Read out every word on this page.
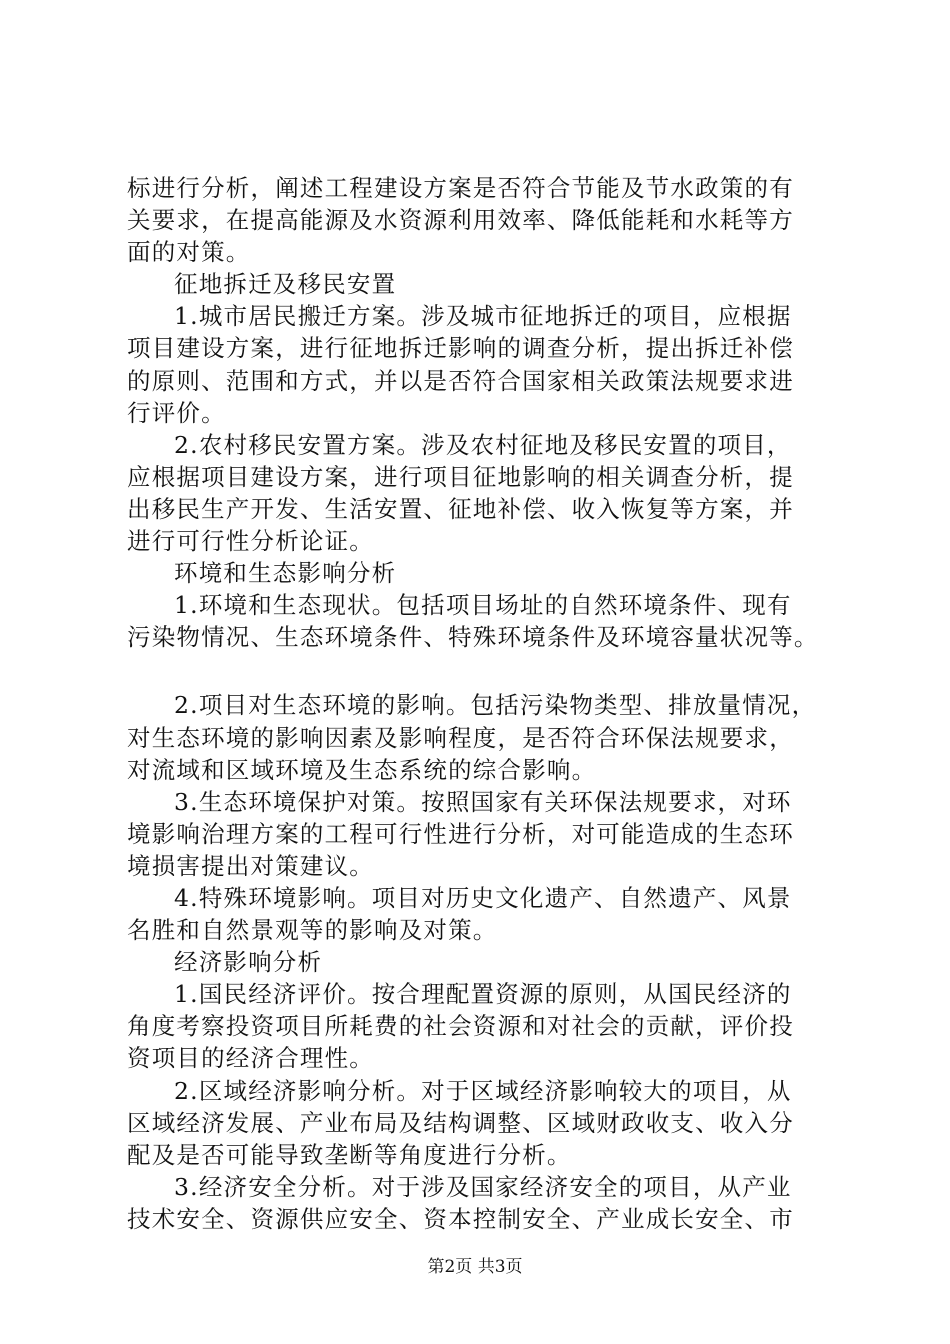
标进行分析，阐述工程建设方案是否符合节能及节水政策的有
关要求，在提高能源及水资源利用效率、降低能耗和水耗等方
面的对策。
征地拆迁及移民安置
1.城市居民搬迁方案。涉及城市征地拆迁的项目，应根据
项目建设方案，进行征地拆迁影响的调查分析，提出拆迁补偿
的原则、范围和方式，并以是否符合国家相关政策法规要求进
行评价。
2.农村移民安置方案。涉及农村征地及移民安置的项目，
应根据项目建设方案，进行项目征地影响的相关调查分析，提
出移民生产开发、生活安置、征地补偿、收入恢复等方案，并
进行可行性分析论证。
环境和生态影响分析
1.环境和生态现状。包括项目场址的自然环境条件、现有
污染物情况、生态环境条件、特殊环境条件及环境容量状况等。
2.项目对生态环境的影响。包括污染物类型、排放量情况，
对生态环境的影响因素及影响程度，是否符合环保法规要求，
对流域和区域环境及生态系统的综合影响。
3.生态环境保护对策。按照国家有关环保法规要求，对环
境影响治理方案的工程可行性进行分析，对可能造成的生态环
境损害提出对策建议。
4.特殊环境影响。项目对历史文化遗产、自然遗产、风景
名胜和自然景观等的影响及对策。
经济影响分析
1.国民经济评价。按合理配置资源的原则，从国民经济的
角度考察投资项目所耗费的社会资源和对社会的贡献，评价投
资项目的经济合理性。
2.区域经济影响分析。对于区域经济影响较大的项目，从
区域经济发展、产业布局及结构调整、区域财政收支、收入分
配及是否可能导致垄断等角度进行分析。
3.经济安全分析。对于涉及国家经济安全的项目，从产业
技术安全、资源供应安全、资本控制安全、产业成长安全、市
第2页 共3页
